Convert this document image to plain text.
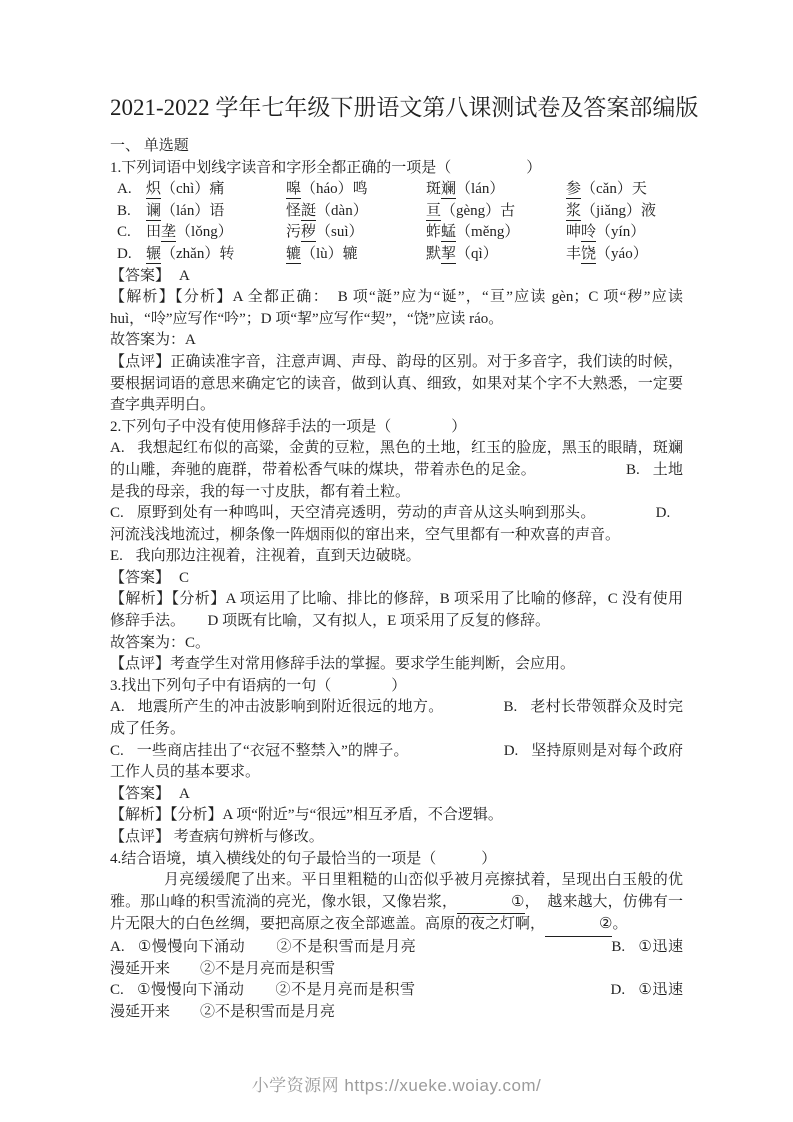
2021-2022 学年七年级下册语文第八课测试卷及答案部编版

一、 单选题

1.下列词语中划线字读音和字形全都正确的一项是（　　　　　）

A. 炽（chì）痛	嗥（háo）鸣	斑斓（lán）	参（cǎn）天
B.	谰（lán）语	怪誔（dàn）	亘（gèng）古	浆（jiǎng）液
C.	田垄（lǒng）	污秽（suì）	蚱蜢（měng）	呻呤（yín）
D. 辗（zhǎn）转	辘（lù）辘	默挈（qì）	丰饶（yáo）

【答案】 A

【解析】【分析】A 全都正确：　B 项“誔”应为“诞”，“亘”应读 gèn；C 项“秽”应读 huì，“呤”应写作“吟”；D 项“挈”应写作“契”，“饶”应读 ráo。

故答案为：A

【点评】正确读准字音，注意声调、声母、韵母的区别。对于多音字，我们读的时候，要根据词语的意思来确定它的读音，做到认真、细致，如果对某个字不大熟悉，一定要查字典弄明白。

2.下列句子中没有使用修辞手法的一项是（　　　　）

A. 我想起红布似的高粱，金黄的豆粒，黑色的土地，红玉的脸庞，黑玉的眼睛，斑斓的山雕，奔驰的鹿群，带着松香气味的煤块，带着赤色的足金。	B. 土地是我的母亲，我的每一寸皮肤，都有着土粒。

C. 原野到处有一种鸣叫，天空清亮透明，劳动的声音从这头响到那头。	D.河流浅浅地流过，柳条像一阵烟雨似的窜出来，空气里都有一种欢喜的声音。

E. 我向那边注视着，注视着，直到天边破晓。

【答案】 C

【解析】【分析】A 项运用了比喻、排比的修辞，B 项采用了比喻的修辞，C 没有使用修辞手法。　　D 项既有比喻，又有拟人，E 项采用了反复的修辞。

故答案为：C。

【点评】考查学生对常用修辞手法的掌握。要求学生能判断，会应用。

3.找出下列句子中有语病的一句（　　　　）

A. 地震所产生的冲击波影响到附近很远的地方。	B. 老村长带领群众及时完成了任务。

C. 一些商店挂出了“衣冠不整禁入”的牌子。	D. 坚持原则是对每个政府工作人员的基本要求。

【答案】 A

【解析】【分析】A 项“附近”与“很远”相互矛盾，不合逻辑。

【点评】 考查病句辨析与修改。

4.结合语境，填入横线处的句子最恰当的一项是（　　　）

月亮缓缓爬了出来。平日里粗糙的山峦似乎被月亮擦拭着，呈现出白玉般的优雅。那山峰的积雪流淌的亮光，像水银，又像岩浆，	①，　越来越大，仿佛有一片无限大的白色丝绸，要把高原之夜全部遮盖。高原的夜之灯啊，	②。

A. ①慢慢向下涌动　　②不是积雪而是月亮	B. ①迅速漫延开来　　②不是月亮而是积雪

C. ①慢慢向下涌动　　②不是月亮而是积雪	D. ①迅速漫延开来　　②不是积雪而是月亮

小学资源网 https://xueke.woiay.com/
